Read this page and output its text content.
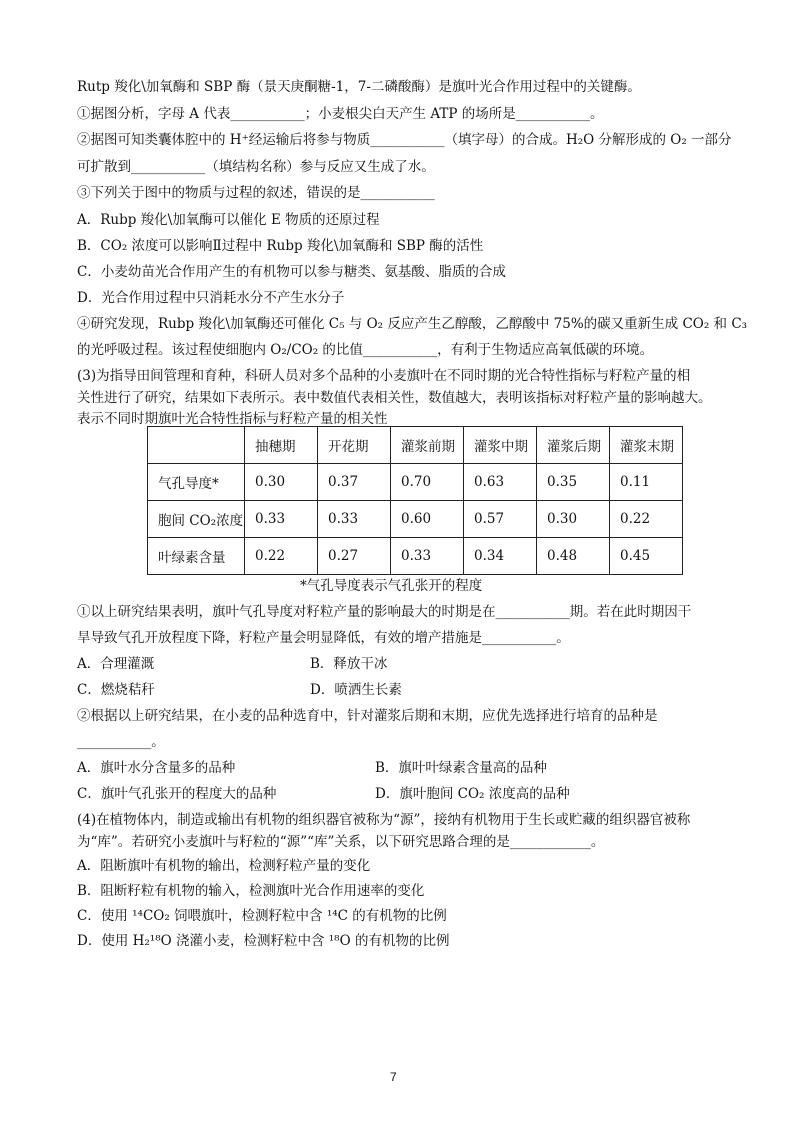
Rutp 羧化\加氧酶和 SBP 酶（景天庚酮糖-1，7-二磷酸酶）是旗叶光合作用过程中的关键酶。
①据图分析，字母 A 代表___________；小麦根尖白天产生 ATP 的场所是___________。
②据图可知类囊体腔中的 H⁺经运输后将参与物质___________（填字母）的合成。H₂O 分解形成的 O₂ 一部分
可扩散到___________（填结构名称）参与反应又生成了水。
③下列关于图中的物质与过程的叙述，错误的是___________
A．Rubp 羧化\加氧酶可以催化 E 物质的还原过程
B．CO₂ 浓度可以影响Ⅱ过程中 Rubp 羧化\加氧酶和 SBP 酶的活性
C．小麦幼苗光合作用产生的有机物可以参与糖类、氨基酸、脂质的合成
D．光合作用过程中只消耗水分不产生水分子
④研究发现，Rubp 羧化\加氧酶还可催化 C₅ 与 O₂ 反应产生乙醇酸，乙醇酸中 75%的碳又重新生成 CO₂ 和 C₃
的光呼吸过程。该过程使细胞内 O₂/CO₂ 的比值___________，有利于生物适应高氧低碳的环境。
(3)为指导田间管理和育种，科研人员对多个品种的小麦旗叶在不同时期的光合特性指标与籽粒产量的相
关性进行了研究，结果如下表所示。表中数值代表相关性，数值越大，表明该指标对籽粒产量的影响越大。
表示不同时期旗叶光合特性指标与籽粒产量的相关性
*气孔导度表示气孔张开的程度
①以上研究结果表明，旗叶气孔导度对籽粒产量的影响最大的时期是在___________期。若在此时期因干
旱导致气孔开放程度下降，籽粒产量会明显降低，有效的增产措施是___________。
②根据以上研究结果，在小麦的品种选育中，针对灌浆后期和末期，应优先选择进行培育的品种是
___________。
(4)在植物体内，制造或输出有机物的组织器官被称为“源”，接纳有机物用于生长或贮藏的组织器官被称
为“库”。若研究小麦旗叶与籽粒的“源”“库”关系，以下研究思路合理的是____________。
A．阻断旗叶有机物的输出，检测籽粒产量的变化
B．阻断籽粒有机物的输入，检测旗叶光合作用速率的变化
C．使用 ¹⁴CO₂ 饲喂旗叶，检测籽粒中含 ¹⁴C 的有机物的比例
D．使用 H₂¹⁸O 浇灌小麦，检测籽粒中含 ¹⁸O 的有机物的比例
	抽穗期	开花期	灌浆前期	灌浆中期	灌浆后期	灌浆末期
气孔导度*	0.30	0.37	0.70	0.63	0.35	0.11
胞间 CO₂浓度	0.33	0.33	0.60	0.57	0.30	0.22
叶绿素含量	0.22	0.27	0.33	0.34	0.48	0.45
A．合理灌溉	B．释放干冰
C．燃烧秸秆	D．喷洒生长素
A．旗叶水分含量多的品种	B．旗叶叶绿素含量高的品种
C．旗叶气孔张开的程度大的品种	D．旗叶胞间 CO₂ 浓度高的品种
7
